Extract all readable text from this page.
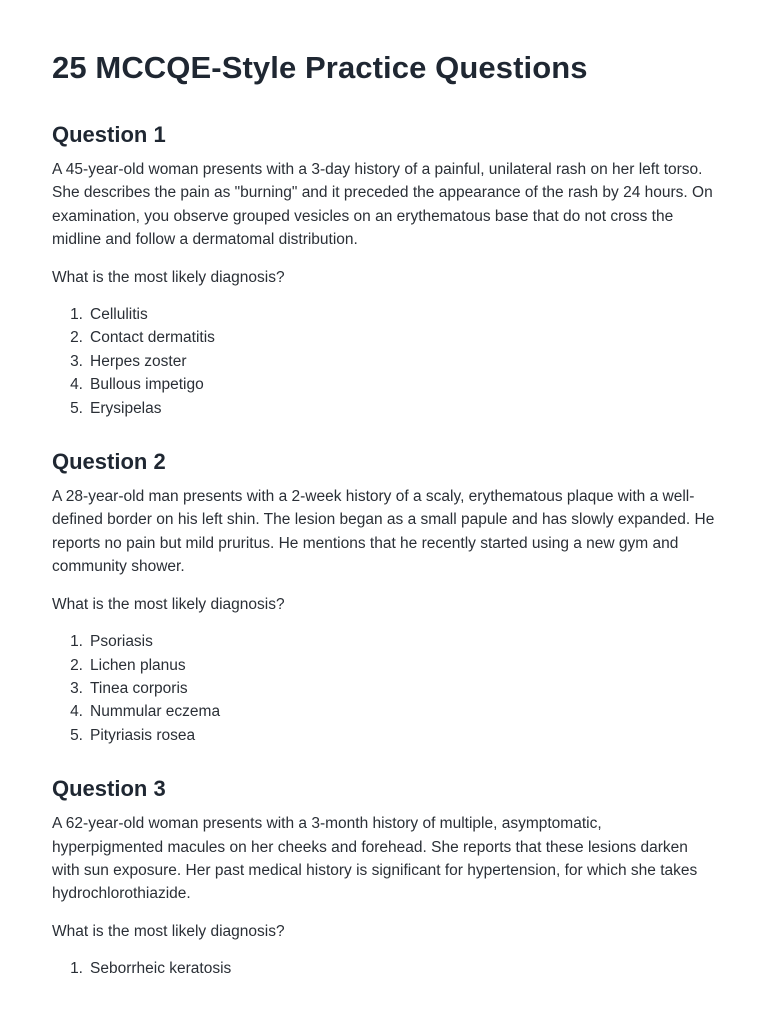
25 MCCQE-Style Practice Questions
Question 1

A 45-year-old woman presents with a 3-day history of a painful, unilateral rash on her left torso. She describes the pain as "burning" and it preceded the appearance of the rash by 24 hours. On examination, you observe grouped vesicles on an erythematous base that do not cross the midline and follow a dermatomal distribution.

What is the most likely diagnosis?

1. Cellulitis
2. Contact dermatitis
3. Herpes zoster
4. Bullous impetigo
5. Erysipelas
Question 2

A 28-year-old man presents with a 2-week history of a scaly, erythematous plaque with a well-defined border on his left shin. The lesion began as a small papule and has slowly expanded. He reports no pain but mild pruritus. He mentions that he recently started using a new gym and community shower.

What is the most likely diagnosis?

1. Psoriasis
2. Lichen planus
3. Tinea corporis
4. Nummular eczema
5. Pityriasis rosea
Question 3

A 62-year-old woman presents with a 3-month history of multiple, asymptomatic, hyperpigmented macules on her cheeks and forehead. She reports that these lesions darken with sun exposure. Her past medical history is significant for hypertension, for which she takes hydrochlorothiazide.

What is the most likely diagnosis?

1. Seborrheic keratosis
